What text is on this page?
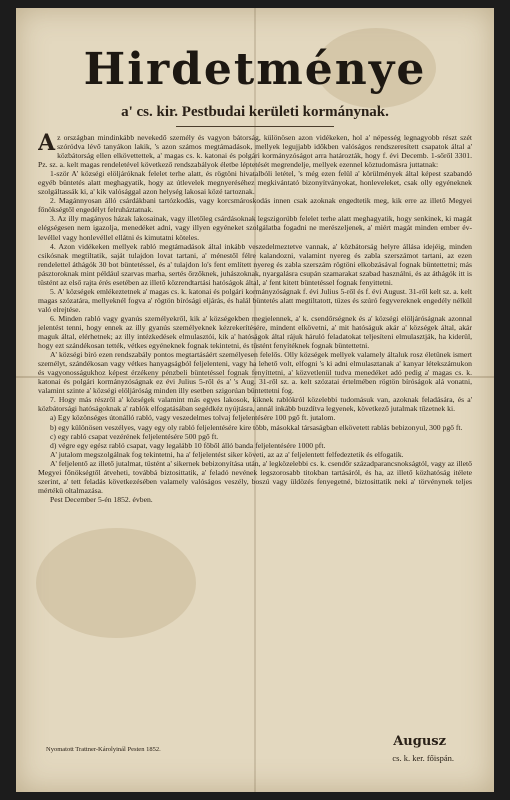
Hirdetménye
a' cs. kir. Pestbudai kerületi kormánynak.

Az országban mindinkább nevekedő személy és vagyon bátorság, különösen azon vidékeken, hol a' népesség legnagyobb részt szét szóródva lévő tanyákon lakik, 's azon számos megtámadások, mellyek legujjabb időkben valóságos rendszeresített csapatok által a' közbátorság ellen elkövettettek, a' magas cs. k. katonai és polgári kormányzóságot arra határozták, hogy f. évi Decemb. 1-sőről 3301. Pz. sz. a. kelt magas rendeletével következő rendszabályok életbe léptetését megrendelje, mellyek ezennel köztudomásra juttatnak:

1-ször A' községi elöljáróknak felelet terhe alatt, és rögtöni hivatalbóli letétel, 's még ezen felül a' körülmények által képest szabandó egyéb büntetés alatt meghagyatik, hogy az útlevelek megnyeréséhez megkivántató bizonyítványokat, honleveleket, csak olly egyéneknek szolgáltassák ki, a' kik valósággal azon helység lakosai közé tartoznak.

2. Magánnyosan álló csárdákbani tartózkodás, vagy korcsmároskodás innen csak azoknak engedtetik meg, kik erre az illető Megyei főnökségtől engedélyt felruháztatnak.

3. Az illy magányos házak lakosainak, vagy illetőleg csárdásoknak legszigorúbb felelet terhe alatt meghagyatik, hogy senkinek, ki magát elégségesen nem igazolja, menedéket adni, vagy illyen egyéneket szolgálatba fogadni ne merészeljenek, a' miért magát minden ember év-levéllel vagy honlevéllel ellátni és kimutatni köteles.

4. Azon vidékeken mellyek rabló megtámadások által inkább veszedelmeztetve vannak, a' közbátorság helyre állása idejéig, minden csikósnak megtiltatik, saját tulajdon lovat tartani, a' ménestől félre kalandozni, valamint nyereg és zabla szerszámot tartani, az ezen rendelettel áthágók 30 bot büntetéssel, és a' tulajdon lo's fent említett nyereg és zabla szerszám rögtöni elkobzásával fognak büntettetni; más pásztoroknak mint például szarvas marha, sertés őrzőknek, juhászoknak, nyargalásra csupán szamarakat szabad használni, és az áthágók itt is tüstént az első rajta érés esetében az illető közrendtartási hatóságok által, a' fent kitett büntetéssel fognak fenyittetni.

5. A' községek emlékeztetnek a' magas cs. k. katonai és polgári kormányzóságnak f. évi Julius 5-ről és f. évi August. 31-ről kelt sz. a. kelt magas szózatára, mellyeknél fogva a' rögtön bírósági eljárás, és halál büntetés alatt megtiltatott, tüzes és szúró fegyvereknek engedély nélkül való elrejtése.

6. Minden rabló vagy gyanús személyekről, kik a' községekben megjelennek, a' k. csendőrségnek és a' községi elöljáróságnak azonnal jelentést tenni, hogy ennek az illy gyanús személyeknek kézrekerítésére, mindent elkövetni, a' mit hatóságuk akár a' községek által, akár maguk által, elérhetnek; az illy intézkedések elmulasztói, kik a' hatóságok által rájuk háruló feladatokat teljesíteni elmulasztják, ha kiderül, hogy ezt szándékosan tették, vétkes egyéneknek fognak tekintetni, és tüstént fenyítéknek fognak büntettetni.

A' községi bíró ezen rendszabály pontos megtartásáért személyesen felelős. Olly községek mellyek valamely általuk rosz életünek ismert személyt, szándékosan vagy vétkes hanyagságból feljelenteni, vagy ha lehető volt, elfogni 's ki adni elmulasztanak a' kanyar létekszámukon és vagyonosságukhoz képest érzékeny pénzbeli büntetéssel fognak fenyíttetni, a' közvetlenül tudva menedéket adó pedig a' magas cs. k. katonai és polgári kormányzóságnak ez évi Julius 5-ről és a' 's Aug. 31-ről sz. a. kelt szózatai értelmében rögtön bíróságok alá vonatni, valamint szinte a' községi elöljáróság minden illy esetben szigorúan büntettetni fog.

7. Hogy más részről a' községek valamint más egyes lakosok, kiknek rablókról közelebbi tudomásuk van, azoknak feladására, és a' közbátorsági hatóságoknak a' rablók elfogatásában segédkéz nyújtásra, annál inkább buzdítva legyenek, következő jutalmak tűzetnek ki.

a) Egy közönséges útonálló rabló, vagy veszedelmes tolvaj feljelentésére 100 pgő ft. jutalom.

b) egy különösen veszélyes, vagy egy oly rabló feljelentésére kire több, másokkal társaságban elkövetett rablás bebizonyul, 300 pgő ft.

c) egy rabló csapat vezérének feljelentésére 500 pgő ft.

d) végre egy egész rabló csapat, vagy legalább 10 főből álló banda feljelentésére 1000 pft.

A' jutalom megszolgálnak fog tekintetni, ha a' feljelentést siker követi, az az a' feljelentett felfedeztetik és elfogatik.

A' feljelentő az illető jutalmat, tüstént a' sikernek bebizonyítása után, a' legközelebbi cs. k. csendőr századparancsnokságtól, vagy az illető Megyei főnökségtől átveheti, továbbá biztosittatik, a' feladó nevének legszorosabb titokban tartásáról, és ha, az illető közhatóság itélete szerint, a' tett feladás következésében valamely valóságos veszély, boszú vagy üldözés fenyegetné, biztosittatik neki a' törvénynek teljes mértékü oltalmazása.

Pest December 5-én 1852. évben.

Augusz
cs. k. ker. főispán.
Nyomatott Trattner-Károlyinál Pesten 1852.
